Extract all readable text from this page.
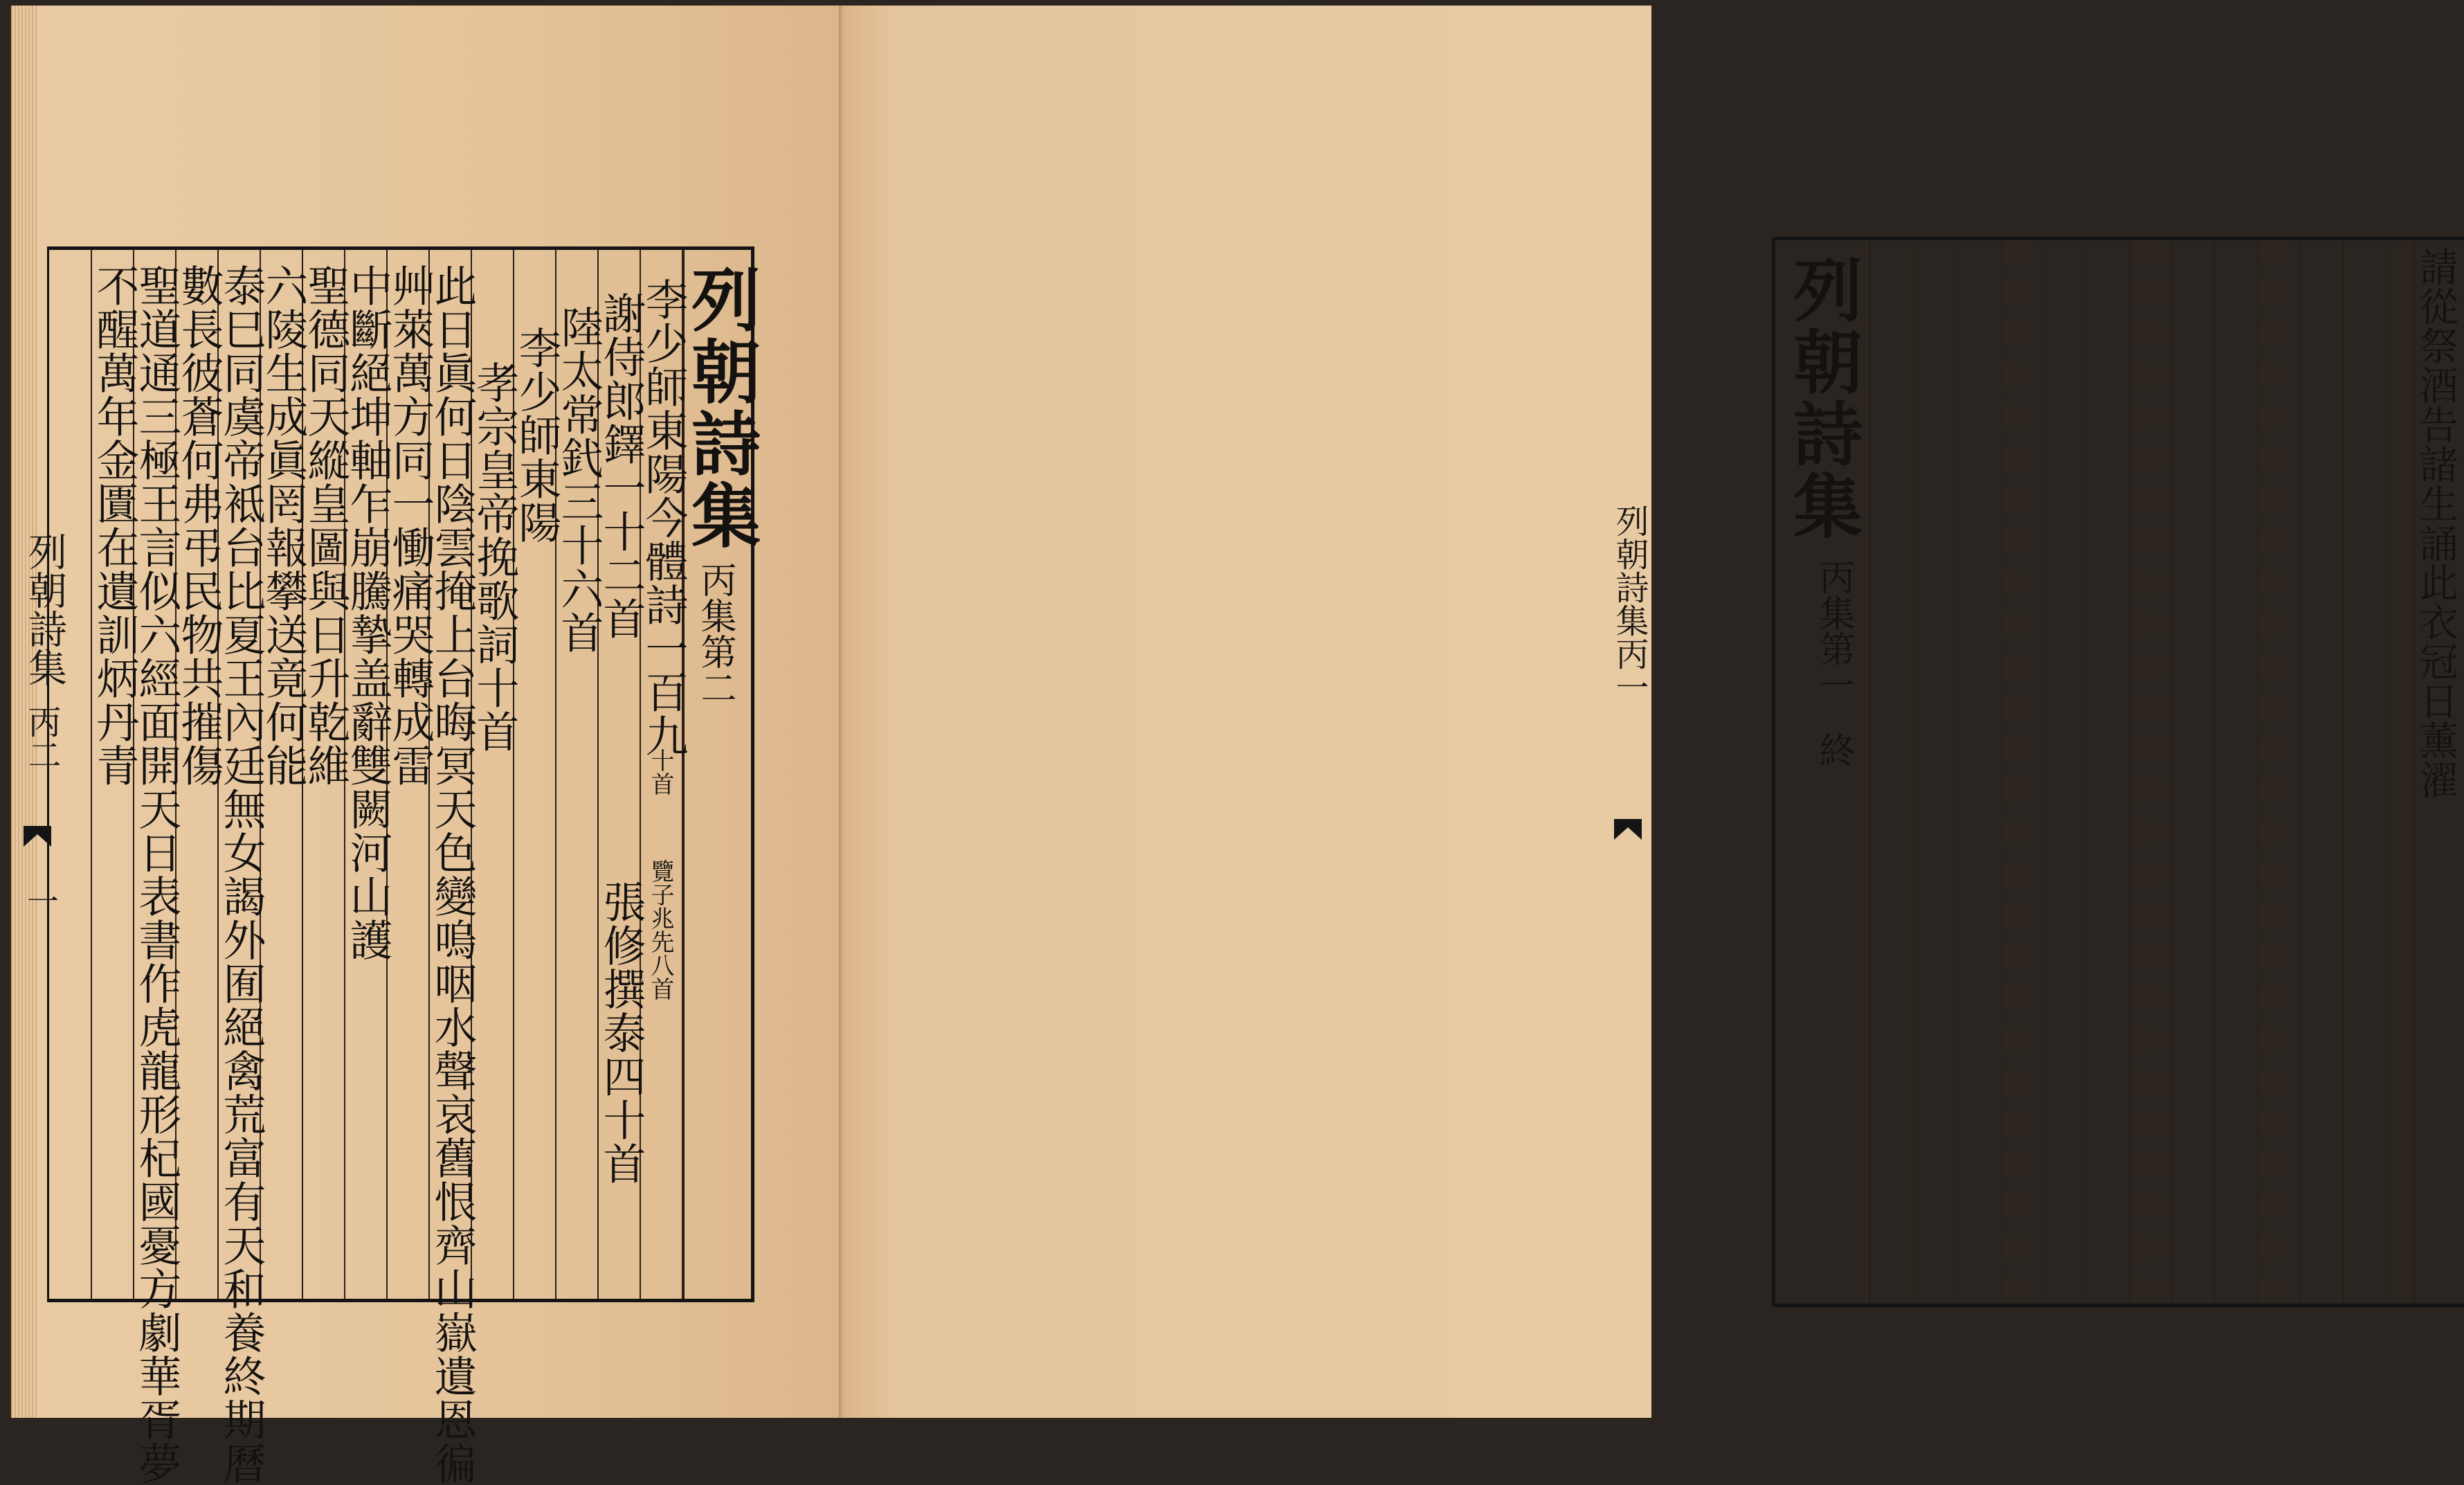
列朝詩集
丙二
一
列朝詩集
丙集第二
李少師東陽今體詩一百九
十首
覽子兆先八首
謝侍郎鐸一十二首
張修撰泰四十首
陸太常釴三十六首
李少師東陽
孝宗皇帝挽歌詞十首
此日眞何日陰雲掩上台晦冥天色變嗚咽水聲哀舊恨齊山嶽遺恩徧
艸萊萬方同一慟痛哭轉成雷
中斷絕坤軸乍崩騰摯盖辭雙闕河山護
聖德同天縱皇圖與日升乾維
六陵生成眞罔報攀送竟何能
泰巳同虞帝袛台比夏王內廷無女謁外囿絕禽荒富有天和養終期曆
數長彼蒼何弗弔民物共摧傷
聖道通三極王言似六經面開天日表書作虎龍形杞國憂方劇華胥夢
不醒萬年金匱在遺訓炳丹青	列朝詩集
丙集第一
終	請從祭酒告諸生誦此衣冠日薰濯
列朝詩集丙一
